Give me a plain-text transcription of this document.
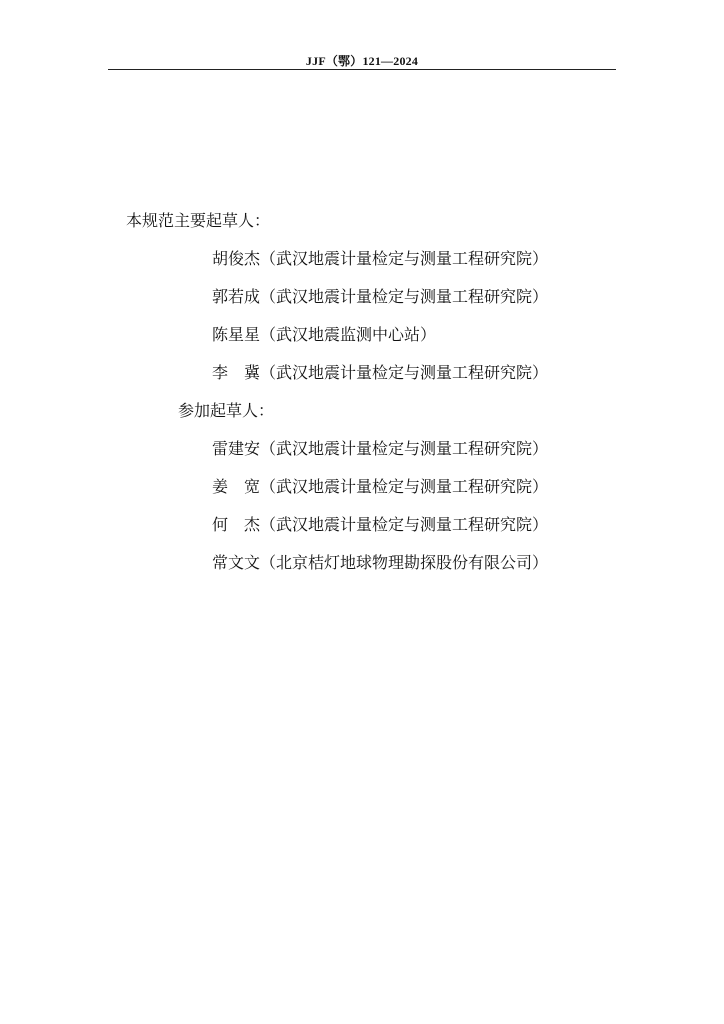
JJF（鄂）121—2024
本规范主要起草人：
胡俊杰（武汉地震计量检定与测量工程研究院）
郭若成（武汉地震计量检定与测量工程研究院）
陈星星（武汉地震监测中心站）
李 冀（武汉地震计量检定与测量工程研究院）
参加起草人：
雷建安（武汉地震计量检定与测量工程研究院）
姜 宽（武汉地震计量检定与测量工程研究院）
何 杰（武汉地震计量检定与测量工程研究院）
常文文（北京桔灯地球物理勘探股份有限公司）
